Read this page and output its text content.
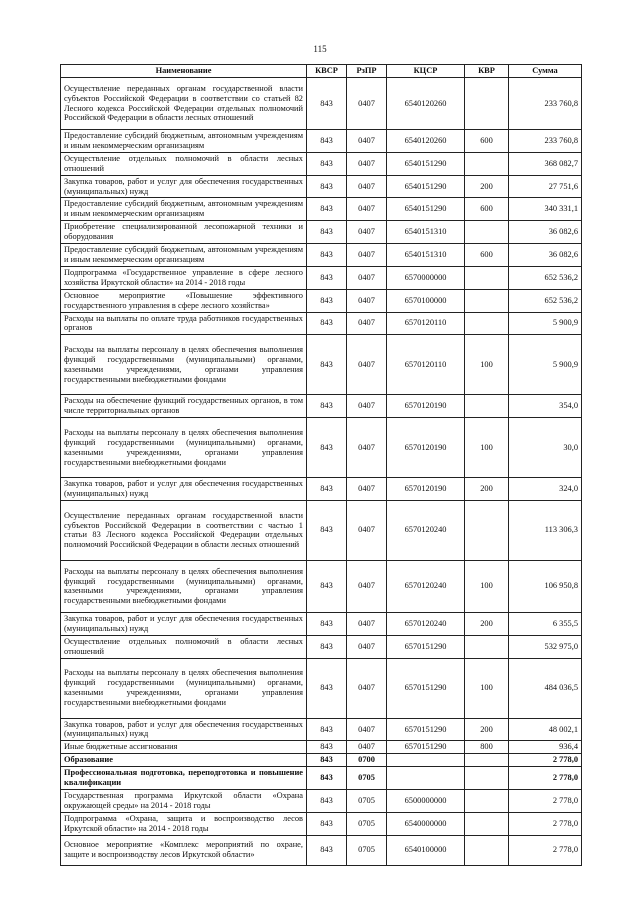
115
Наименование	КВСР	РзПР	КЦСР	КВР	Сумма
Осуществление переданных органам государственной власти субъектов Российской Федерации в соответствии со статьей 82 Лесного кодекса Российской Федерации отдельных полномочий Российской Федерации в области лесных отношений	843	0407	6540120260		233 760,8
Предоставление субсидий бюджетным, автономным учреждениям и иным некоммерческим организациям	843	0407	6540120260	600	233 760,8
Осуществление отдельных полномочий в области лесных отношений	843	0407	6540151290		368 082,7
Закупка товаров, работ и услуг для обеспечения государственных (муниципальных) нужд	843	0407	6540151290	200	27 751,6
Предоставление субсидий бюджетным, автономным учреждениям и иным некоммерческим организациям	843	0407	6540151290	600	340 331,1
Приобретение специализированной лесопожарной техники и оборудования	843	0407	6540151310		36 082,6
Предоставление субсидий бюджетным, автономным учреждениям и иным некоммерческим организациям	843	0407	6540151310	600	36 082,6
Подпрограмма «Государственное управление в сфере лесного хозяйства Иркутской области» на 2014 - 2018 годы	843	0407	6570000000		652 536,2
Основное мероприятие «Повышение эффективного государственного управления в сфере лесного хозяйства»	843	0407	6570100000		652 536,2
Расходы на выплаты по оплате труда работников государственных органов	843	0407	6570120110		5 900,9
Расходы на выплаты персоналу в целях обеспечения выполнения функций государственными (муниципальными) органами, казенными учреждениями, органами управления государственными внебюджетными фондами	843	0407	6570120110	100	5 900,9
Расходы на обеспечение функций государственных органов, в том числе территориальных органов	843	0407	6570120190		354,0
Расходы на выплаты персоналу в целях обеспечения выполнения функций государственными (муниципальными) органами, казенными учреждениями, органами управления государственными внебюджетными фондами	843	0407	6570120190	100	30,0
Закупка товаров, работ и услуг для обеспечения государственных (муниципальных) нужд	843	0407	6570120190	200	324,0
Осуществление переданных органам государственной власти субъектов Российской Федерации в соответствии с частью 1 статьи 83 Лесного кодекса Российской Федерации отдельных полномочий Российской Федерации в области лесных отношений	843	0407	6570120240		113 306,3
Расходы на выплаты персоналу в целях обеспечения выполнения функций государственными (муниципальными) органами, казенными учреждениями, органами управления государственными внебюджетными фондами	843	0407	6570120240	100	106 950,8
Закупка товаров, работ и услуг для обеспечения государственных (муниципальных) нужд	843	0407	6570120240	200	6 355,5
Осуществление отдельных полномочий в области лесных отношений	843	0407	6570151290		532 975,0
Расходы на выплаты персоналу в целях обеспечения выполнения функций государственными (муниципальными) органами, казенными учреждениями, органами управления государственными внебюджетными фондами	843	0407	6570151290	100	484 036,5
Закупка товаров, работ и услуг для обеспечения государственных (муниципальных) нужд	843	0407	6570151290	200	48 002,1
Иные бюджетные ассигнования	843	0407	6570151290	800	936,4
Образование	843	0700			2 778,0
Профессиональная подготовка, переподготовка и повышение квалификации	843	0705			2 778,0
Государственная программа Иркутской области «Охрана окружающей среды» на 2014 - 2018 годы	843	0705	6500000000		2 778,0
Подпрограмма «Охрана, защита и воспроизводство лесов Иркутской области» на 2014 - 2018 годы	843	0705	6540000000		2 778,0
Основное мероприятие «Комплекс мероприятий по охране, защите и воспроизводству лесов Иркутской области»	843	0705	6540100000		2 778,0
